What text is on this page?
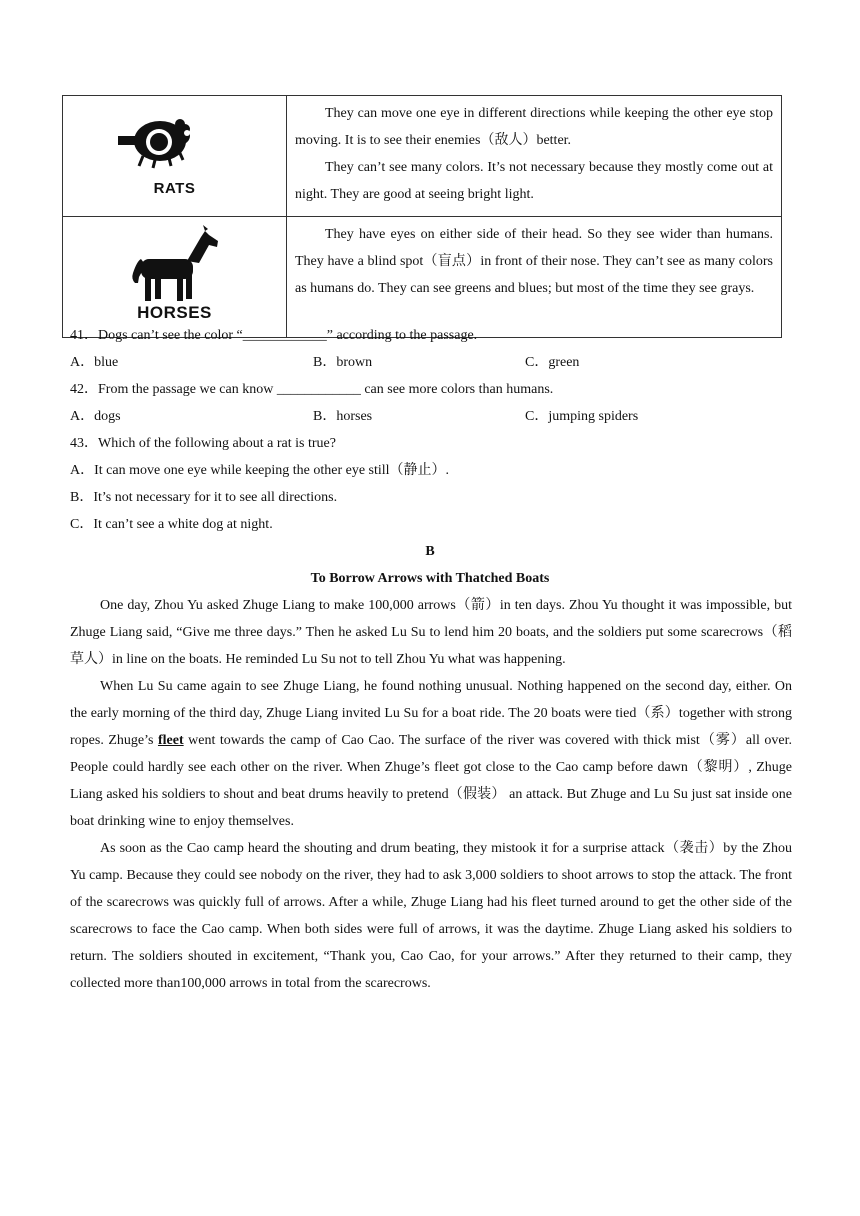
RATS	They can move one eye in different directions while keeping the other eye stop moving. It is to see their enemies（敌人）better.

They can’t see many colors. It’s not necessary because they mostly come out at night. They are good at seeing bright light.

HORSES	They have eyes on either side of their head. So they see wider than humans. They have a blind spot（盲点）in front of their nose. They can’t see as many colors as humans do. They can see greens and blues; but most of the time they see grays.

41．Dogs can’t see the color “____________” according to the passage.
A．blue	B．brown	C．green
42．From the passage we can know ____________ can see more colors than humans.
A．dogs	B．horses	C．jumping spiders
43．Which of the following about a rat is true?
A．It can move one eye while keeping the other eye still（静止）.
B．It’s not necessary for it to see all directions.
C．It can’t see a white dog at night.
B
To Borrow Arrows with Thatched Boats

One day, Zhou Yu asked Zhuge Liang to make 100,000 arrows（箭）in ten days. Zhou Yu thought it was impossible, but Zhuge Liang said, “Give me three days.” Then he asked Lu Su to lend him 20 boats, and the soldiers put some scarecrows（稻草人）in line on the boats. He reminded Lu Su not to tell Zhou Yu what was happening.

When Lu Su came again to see Zhuge Liang, he found nothing unusual. Nothing happened on the second day, either. On the early morning of the third day, Zhuge Liang invited Lu Su for a boat ride. The 20 boats were tied（系）together with strong ropes. Zhuge’s fleet went towards the camp of Cao Cao. The surface of the river was covered with thick mist（雾）all over. People could hardly see each other on the river. When Zhuge’s fleet got close to the Cao camp before dawn（黎明）, Zhuge Liang asked his soldiers to shout and beat drums heavily to pretend（假装） an attack. But Zhuge and Lu Su just sat inside one boat drinking wine to enjoy themselves.

As soon as the Cao camp heard the shouting and drum beating, they mistook it for a surprise attack（袭击）by the Zhou Yu camp. Because they could see nobody on the river, they had to ask 3,000 soldiers to shoot arrows to stop the attack. The front of the scarecrows was quickly full of arrows. After a while, Zhuge Liang had his fleet turned around to get the other side of the scarecrows to face the Cao camp. When both sides were full of arrows, it was the daytime. Zhuge Liang asked his soldiers to return. The soldiers shouted in excitement, “Thank you, Cao Cao, for your arrows.” After they returned to their camp, they collected more than100,000 arrows in total from the scarecrows.
